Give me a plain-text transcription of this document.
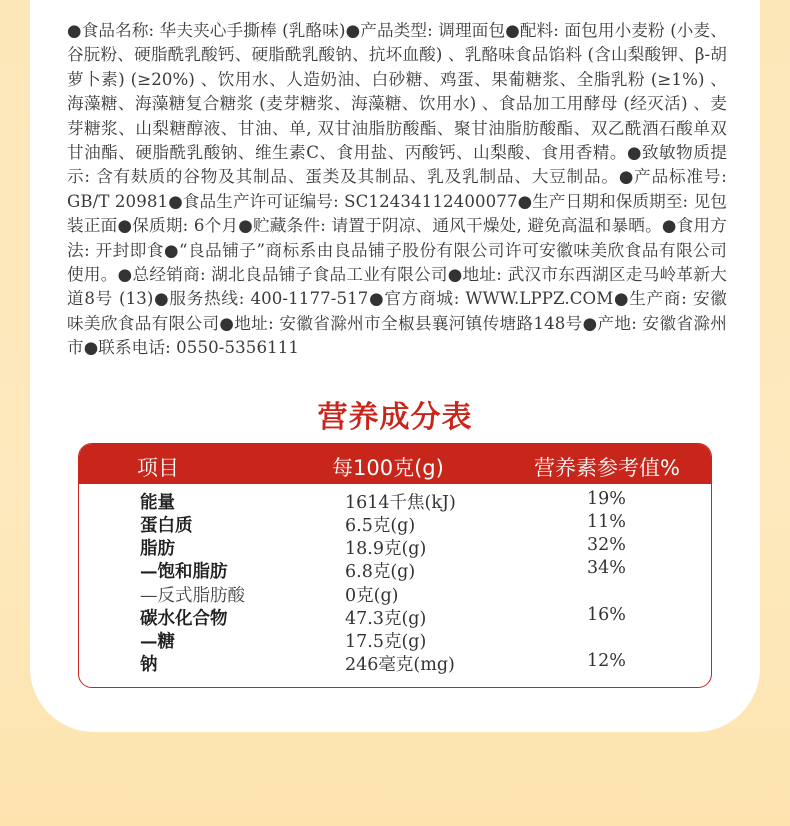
● 食品名称: 华夫夹心手撕棒 (乳酪味) ● 产品类型: 调理面包 ● 配料: 面包用小麦粉 (小麦、谷朊粉、硬脂酰乳酸钙、硬脂酰乳酸钠、抗坏血酸) 、乳酪味食品馅料 (含山梨酸钾、β-胡萝卜素) (≥20%) 、饮用水、人造奶油、白砂糖、鸡蛋、果葡糖浆、全脂乳粉 (≥1%) 、海藻糖、海藻糖复合糖浆 (麦芽糖浆、海藻糖、饮用水) 、食品加工用酵母 (经灭活) 、麦芽糖浆、山梨糖醇液、甘油、单, 双甘油脂肪酸酯、聚甘油脂肪酸酯、双乙酰酒石酸单双甘油酯、硬脂酰乳酸钠、维生素C、食用盐、丙酸钙、山梨酸、食用香精。 ● 致敏物质提示: 含有麸质的谷物及其制品、蛋类及其制品、乳及乳制品、大豆制品。 ● 产品标准号: GB/T 20981 ● 食品生产许可证编号: SC12434112400077 ● 生产日期和保质期至: 见包装正面 ● 保质期: 6个月 ● 贮藏条件: 请置于阴凉、通风干燥处, 避免高温和暴晒。 ● 食用方法: 开封即食 ● “良品铺子”商标系由良品铺子股份有限公司许可安徽味美欣食品有限公司使用。 ● 总经销商: 湖北良品铺子食品工业有限公司 ● 地址: 武汉市东西湖区走马岭革新大道8号 (13) ● 服务热线: 400-1177-517 ● 官方商城: WWW.LPPZ.COM ● 生产商: 安徽味美欣食品有限公司 ● 地址: 安徽省滁州市全椒县襄河镇传塘路148号 ● 产地: 安徽省滁州市 ● 联系电话: 0550-5356111
营养成分表
项目	每100克(g)	营养素参考值%
能量	1614千焦(kJ)	19%
蛋白质	6.5克(g)	11%
脂肪	18.9克(g)	32%
—饱和脂肪	6.8克(g)	34%
—反式脂肪酸	0克(g)
碳水化合物	47.3克(g)	16%
—糖	17.5克(g)
钠	246毫克(mg)	12%
